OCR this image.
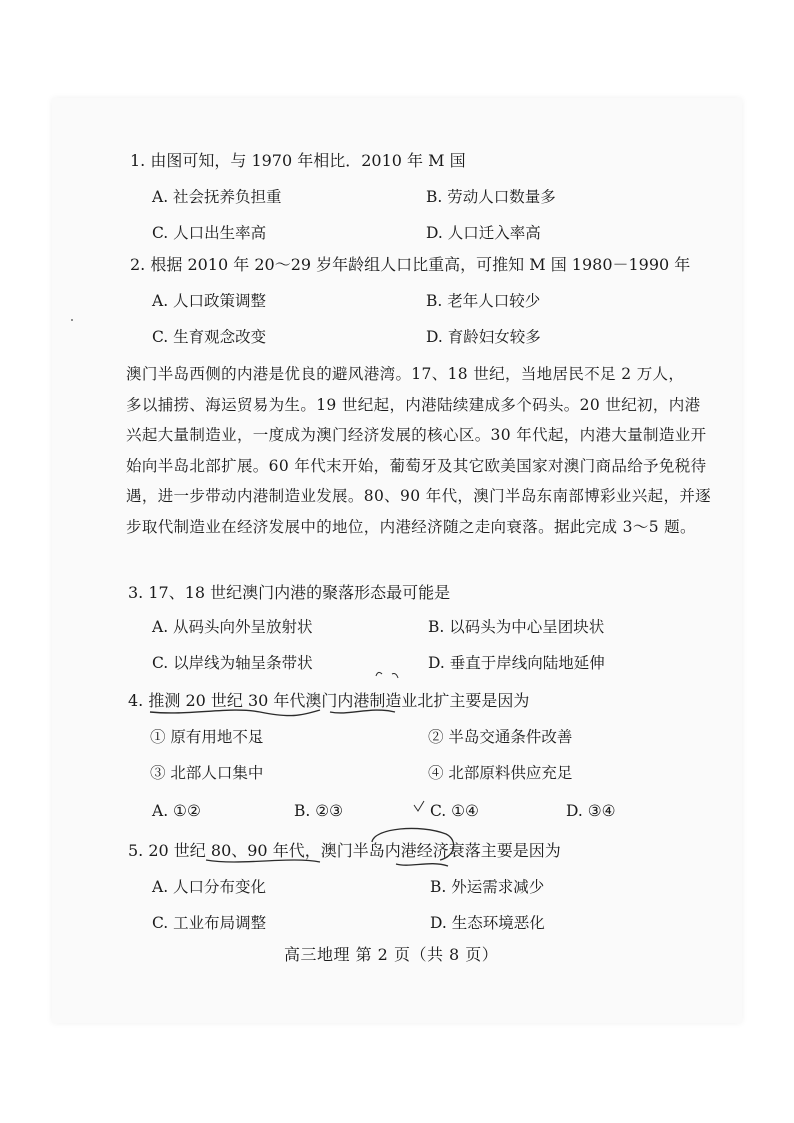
1. 由图可知，与 1970 年相比．2010 年 M 国
A. 社会抚养负担重	B. 劳动人口数量多
C. 人口出生率高	D. 人口迁入率高
2. 根据 2010 年 20～29 岁年龄组人口比重高，可推知 M 国 1980－1990 年
A. 人口政策调整	B. 老年人口较少
C. 生育观念改变	D. 育龄妇女较多
澳门半岛西侧的内港是优良的避风港湾。17、18 世纪，当地居民不足 2 万人，
多以捕捞、海运贸易为生。19 世纪起，内港陆续建成多个码头。20 世纪初，内港
兴起大量制造业，一度成为澳门经济发展的核心区。30 年代起，内港大量制造业开
始向半岛北部扩展。60 年代末开始，葡萄牙及其它欧美国家对澳门商品给予免税待
遇，进一步带动内港制造业发展。80、90 年代，澳门半岛东南部博彩业兴起，并逐
步取代制造业在经济发展中的地位，内港经济随之走向衰落。据此完成 3～5 题。
3. 17、18 世纪澳门内港的聚落形态最可能是
A. 从码头向外呈放射状	B. 以码头为中心呈团块状
C. 以岸线为轴呈条带状	D. 垂直于岸线向陆地延伸
4. 推测 20 世纪 30 年代澳门内港制造业北扩主要是因为
① 原有用地不足	② 半岛交通条件改善
③ 北部人口集中	④ 北部原料供应充足
A. ①②	B. ②③	C. ①④	D. ③④
5. 20 世纪 80、90 年代，澳门半岛内港经济衰落主要是因为
A. 人口分布变化	B. 外运需求减少
C. 工业布局调整	D. 生态环境恶化
高三地理 第 2 页（共 8 页）
